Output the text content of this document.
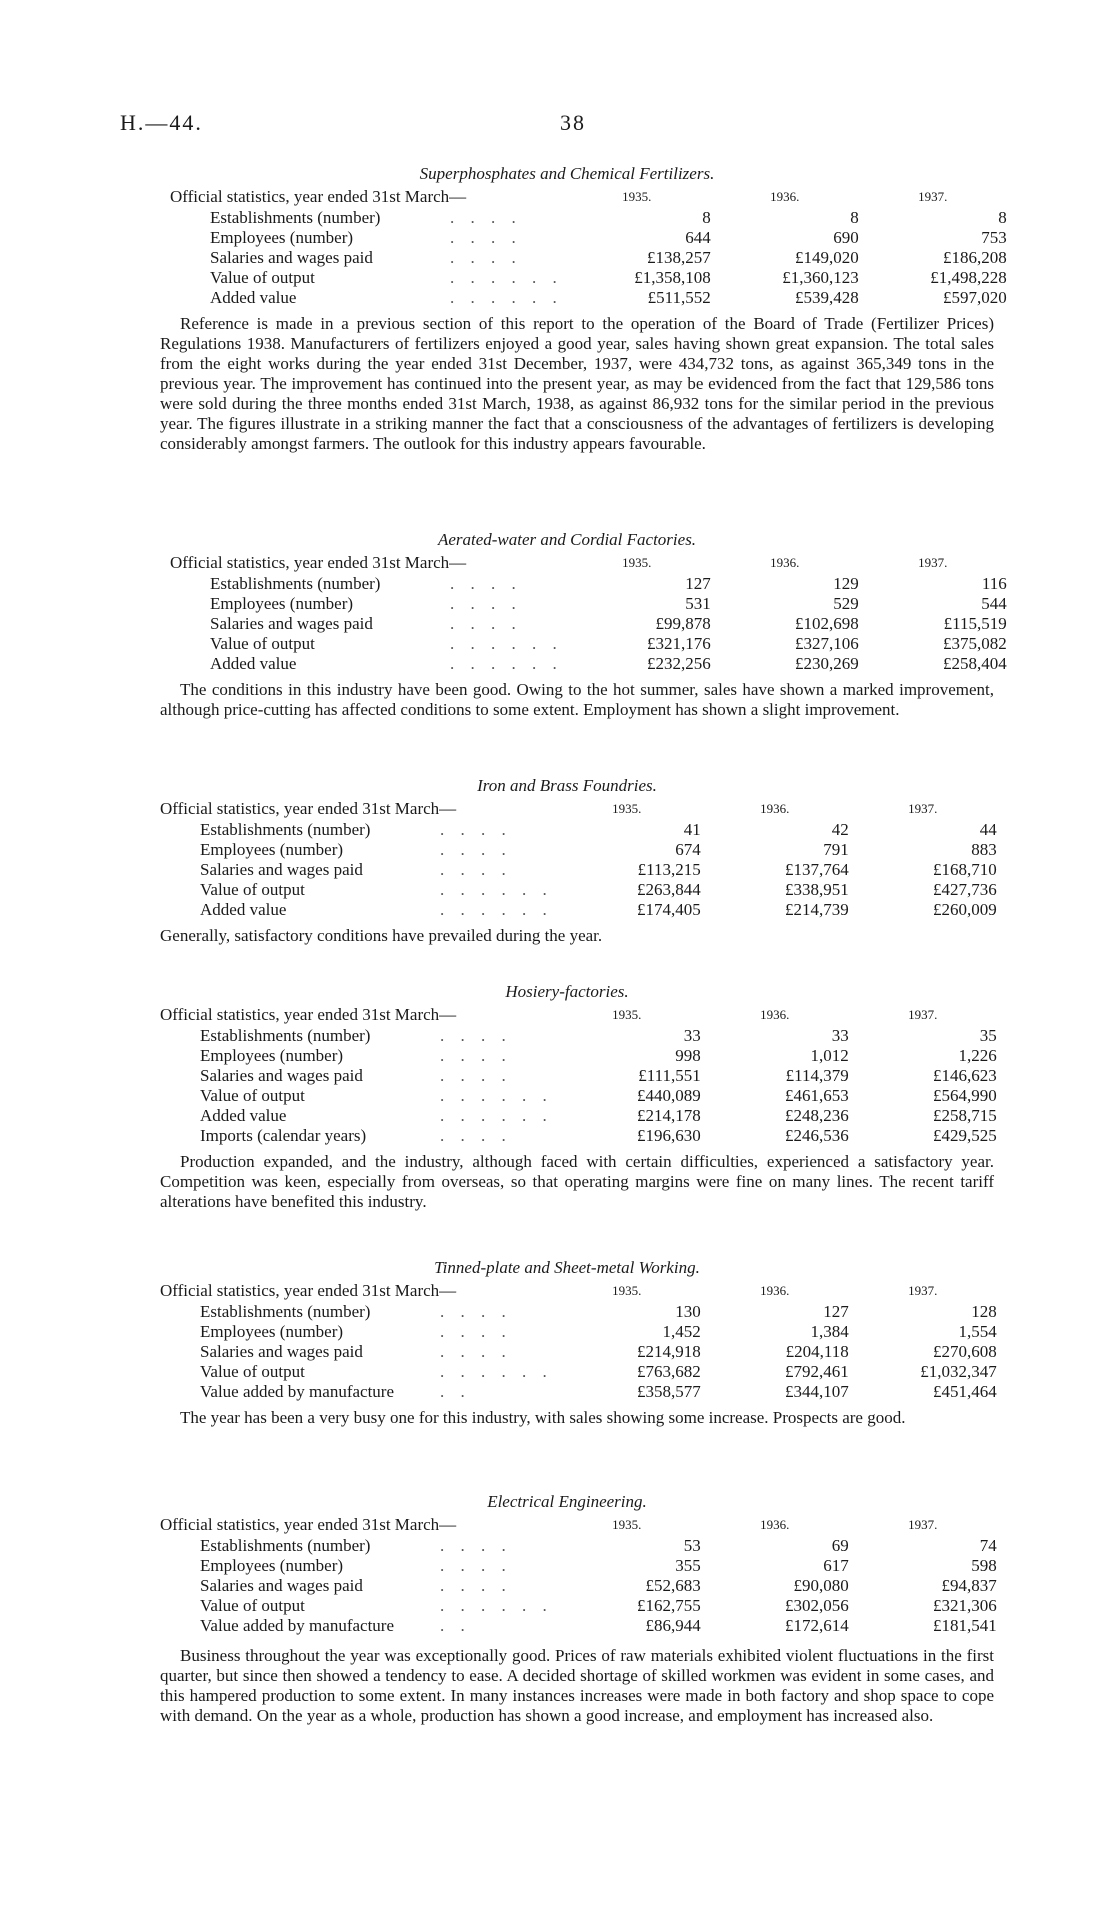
H.—44.	38
Superphosphates and Chemical Fertilizers.
Official statistics, year ended 31st March—		1935.	1936.	1937.
Establishments (number)	. . . .	8	8	8
Employees (number)	. . . .	644	690	753
Salaries and wages paid	. . . .	£138,257	£149,020	£186,208
Value of output	. . . . . .	£1,358,108	£1,360,123	£1,498,228
Added value	. . . . . .	£511,552	£539,428	£597,020

Reference is made in a previous section of this report to the operation of the Board of Trade (Fertilizer Prices) Regulations 1938. Manufacturers of fertilizers enjoyed a good year, sales having shown great expansion. The total sales from the eight works during the year ended 31st December, 1937, were 434,732 tons, as against 365,349 tons in the previous year. The improvement has continued into the present year, as may be evidenced from the fact that 129,586 tons were sold during the three months ended 31st March, 1938, as against 86,932 tons for the similar period in the previous year. The figures illustrate in a striking manner the fact that a consciousness of the advantages of fertilizers is developing considerably amongst farmers. The outlook for this industry appears favourable.

Aerated-water and Cordial Factories.
Official statistics, year ended 31st March—		1935.	1936.	1937.
Establishments (number)	. . . .	127	129	116
Employees (number)	. . . .	531	529	544
Salaries and wages paid	. . . .	£99,878	£102,698	£115,519
Value of output	. . . . . .	£321,176	£327,106	£375,082
Added value	. . . . . .	£232,256	£230,269	£258,404

The conditions in this industry have been good. Owing to the hot summer, sales have shown a marked improvement, although price-cutting has affected conditions to some extent. Employment has shown a slight improvement.

Iron and Brass Foundries.
Official statistics, year ended 31st March—		1935.	1936.	1937.
Establishments (number)	. . . .	41	42	44
Employees (number)	. . . .	674	791	883
Salaries and wages paid	. . . .	£113,215	£137,764	£168,710
Value of output	. . . . . .	£263,844	£338,951	£427,736
Added value	. . . . . .	£174,405	£214,739	£260,009

Generally, satisfactory conditions have prevailed during the year.

Hosiery-factories.
Official statistics, year ended 31st March—		1935.	1936.	1937.
Establishments (number)	. . . .	33	33	35
Employees (number)	. . . .	998	1,012	1,226
Salaries and wages paid	. . . .	£111,551	£114,379	£146,623
Value of output	. . . . . .	£440,089	£461,653	£564,990
Added value	. . . . . .	£214,178	£248,236	£258,715
Imports (calendar years)	. . . .	£196,630	£246,536	£429,525

Production expanded, and the industry, although faced with certain difficulties, experienced a satisfactory year. Competition was keen, especially from overseas, so that operating margins were fine on many lines. The recent tariff alterations have benefited this industry.

Tinned-plate and Sheet-metal Working.
Official statistics, year ended 31st March—		1935.	1936.	1937.
Establishments (number)	. . . .	130	127	128
Employees (number)	. . . .	1,452	1,384	1,554
Salaries and wages paid	. . . .	£214,918	£204,118	£270,608
Value of output	. . . . . .	£763,682	£792,461	£1,032,347
Value added by manufacture	. .	£358,577	£344,107	£451,464

The year has been a very busy one for this industry, with sales showing some increase. Prospects are good.

Electrical Engineering.
Official statistics, year ended 31st March—		1935.	1936.	1937.
Establishments (number)	. . . .	53	69	74
Employees (number)	. . . .	355	617	598
Salaries and wages paid	. . . .	£52,683	£90,080	£94,837
Value of output	. . . . . .	£162,755	£302,056	£321,306
Value added by manufacture	. .	£86,944	£172,614	£181,541

Business throughout the year was exceptionally good. Prices of raw materials exhibited violent fluctuations in the first quarter, but since then showed a tendency to ease. A decided shortage of skilled workmen was evident in some cases, and this hampered production to some extent. In many instances increases were made in both factory and shop space to cope with demand. On the year as a whole, production has shown a good increase, and employment has increased also.
